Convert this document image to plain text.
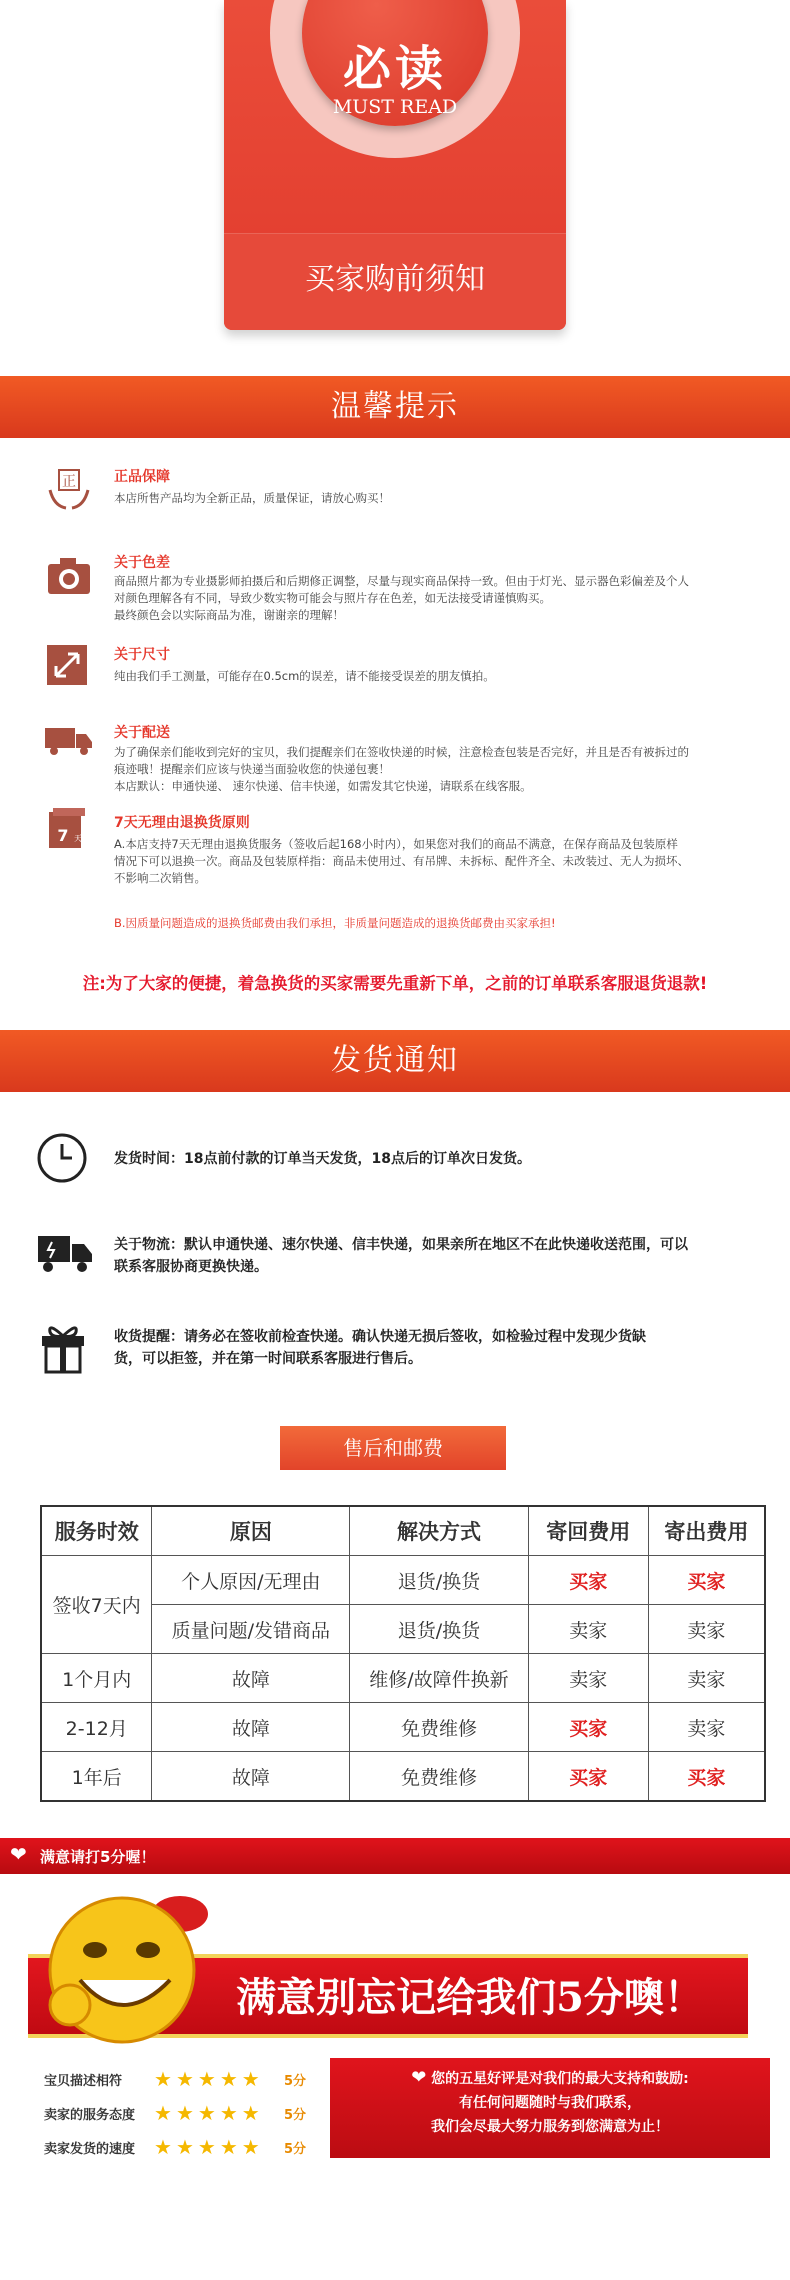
必读
MUST READ
买家购前须知
温馨提示
正	正品保障
本店所售产品均为全新正品，质量保证，请放心购买！
关于色差
商品照片都为专业摄影师拍摄后和后期修正调整，尽量与现实商品保持一致。但由于灯光、显示器色彩偏差及个人
对颜色理解各有不同，导致少数实物可能会与照片存在色差，如无法接受请谨慎购买。
最终颜色会以实际商品为准，谢谢亲的理解！
关于尺寸
纯由我们手工测量，可能存在0.5cm的误差，请不能接受误差的朋友慎拍。
关于配送
为了确保亲们能收到完好的宝贝，我们提醒亲们在签收快递的时候，注意检查包装是否完好，并且是否有被拆过的
痕迹哦！提醒亲们应该与快递当面验收您的快递包裹！
本店默认：申通快递、 速尔快递、信丰快递，如需发其它快递，请联系在线客服。
7 天
7天无理由退换货原则
A.本店支持7天无理由退换货服务（签收后起168小时内），如果您对我们的商品不满意，在保存商品及包装原样
情况下可以退换一次。商品及包装原样指：商品未使用过、有吊牌、未拆标、配件齐全、未改装过、无人为损坏、
不影响二次销售。
B.因质量问题造成的退换货邮费由我们承担，非质量问题造成的退换货邮费由买家承担!
注:为了大家的便捷，着急换货的买家需要先重新下单，之前的订单联系客服退货退款!
发货通知
发货时间：18点前付款的订单当天发货，18点后的订单次日发货。
关于物流：默认申通快递、速尔快递、信丰快递，如果亲所在地区不在此快递收送范围，可以
联系客服协商更换快递。
收货提醒：请务必在签收前检查快递。确认快递无损后签收，如检验过程中发现少货缺
货，可以拒签，并在第一时间联系客服进行售后。
售后和邮费
服务时效	原因	解决方式	寄回费用	寄出费用
签收7天内	个人原因/无理由	退货/换货	买家	买家
	质量问题/发错商品	退货/换货	卖家	卖家
1个月内	故障	维修/故障件换新	卖家	卖家
2-12月	故障	免费维修	买家	卖家
1年后	故障	免费维修	买家	买家
❤ 满意请打5分喔！
满意别忘记给我们5分噢！
宝贝描述相符	★ ★ ★ ★ ★	5分
卖家的服务态度 ★ ★ ★ ★ ★	5分
卖家发货的速度 ★ ★ ★ ★ ★	5分
❤ 您的五星好评是对我们的最大支持和鼓励:
有任何问题随时与我们联系，
我们会尽最大努力服务到您满意为止！
